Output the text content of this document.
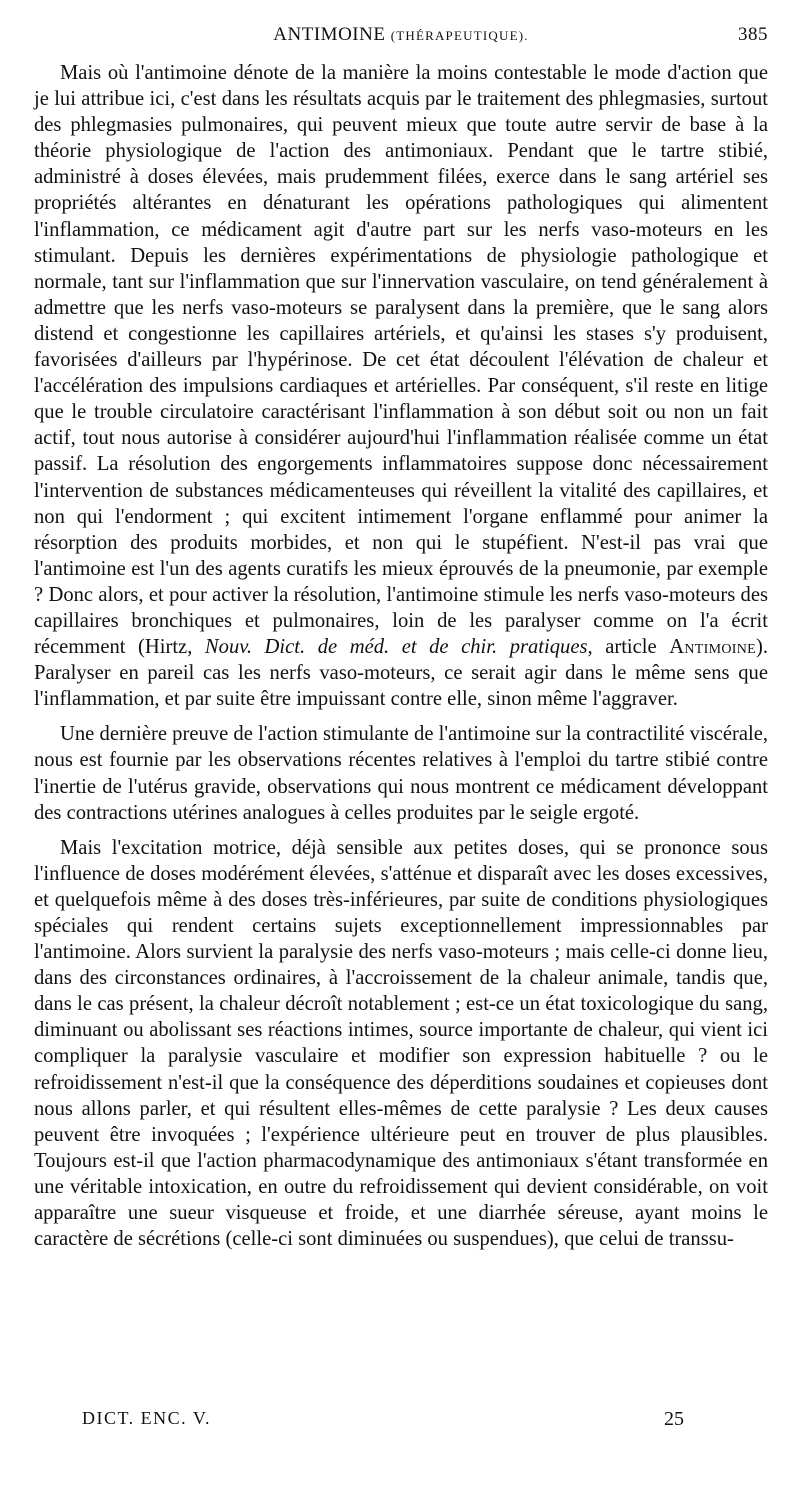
ANTIMOINE (THÉRAPEUTIQUE).	385

Mais où l'antimoine dénote de la manière la moins contestable le mode d'action que je lui attribue ici, c'est dans les résultats acquis par le traitement des phlegmasies, surtout des phlegmasies pulmonaires, qui peuvent mieux que toute autre servir de base à la théorie physiologique de l'action des antimoniaux. Pendant que le tartre stibié, administré à doses élevées, mais prudemment filées, exerce dans le sang artériel ses propriétés altérantes en dénaturant les opérations pathologiques qui alimentent l'inflammation, ce médicament agit d'autre part sur les nerfs vaso-moteurs en les stimulant. Depuis les dernières expérimentations de physiologie pathologique et normale, tant sur l'inflammation que sur l'innervation vasculaire, on tend généralement à admettre que les nerfs vaso-moteurs se paralysent dans la première, que le sang alors distend et congestionne les capillaires artériels, et qu'ainsi les stases s'y produisent, favorisées d'ailleurs par l'hypérinose. De cet état découlent l'élévation de chaleur et l'accélération des impulsions cardiaques et artérielles. Par conséquent, s'il reste en litige que le trouble circulatoire caractérisant l'inflammation à son début soit ou non un fait actif, tout nous autorise à considérer aujourd'hui l'inflammation réalisée comme un état passif. La résolution des engorgements inflammatoires suppose donc nécessairement l'intervention de substances médicamenteuses qui réveillent la vitalité des capillaires, et non qui l'endorment ; qui excitent intimement l'organe enflammé pour animer la résorption des produits morbides, et non qui le stupéfient. N'est-il pas vrai que l'antimoine est l'un des agents curatifs les mieux éprouvés de la pneumonie, par exemple ? Donc alors, et pour activer la résolution, l'antimoine stimule les nerfs vaso-moteurs des capillaires bronchiques et pulmonaires, loin de les paralyser comme on l'a écrit récemment (Hirtz, Nouv. Dict. de méd. et de chir. pratiques, article Antimoine). Paralyser en pareil cas les nerfs vaso-moteurs, ce serait agir dans le même sens que l'inflammation, et par suite être impuissant contre elle, sinon même l'aggraver.

Une dernière preuve de l'action stimulante de l'antimoine sur la contractilité viscérale, nous est fournie par les observations récentes relatives à l'emploi du tartre stibié contre l'inertie de l'utérus gravide, observations qui nous montrent ce médicament développant des contractions utérines analogues à celles produites par le seigle ergoté.

Mais l'excitation motrice, déjà sensible aux petites doses, qui se prononce sous l'influence de doses modérément élevées, s'atténue et disparaît avec les doses excessives, et quelquefois même à des doses très-inférieures, par suite de conditions physiologiques spéciales qui rendent certains sujets exceptionnellement impressionnables par l'antimoine. Alors survient la paralysie des nerfs vaso-moteurs ; mais celle-ci donne lieu, dans des circonstances ordinaires, à l'accroissement de la chaleur animale, tandis que, dans le cas présent, la chaleur décroît notablement ; est-ce un état toxicologique du sang, diminuant ou abolissant ses réactions intimes, source importante de chaleur, qui vient ici compliquer la paralysie vasculaire et modifier son expression habituelle ? ou le refroidissement n'est-il que la conséquence des déperditions soudaines et copieuses dont nous allons parler, et qui résultent elles-mêmes de cette paralysie ? Les deux causes peuvent être invoquées ; l'expérience ultérieure peut en trouver de plus plausibles. Toujours est-il que l'action pharmacodynamique des antimoniaux s'étant transformée en une véritable intoxication, en outre du refroidissement qui devient considérable, on voit apparaître une sueur visqueuse et froide, et une diarrhée séreuse, ayant moins le caractère de sécrétions (celle-ci sont diminuées ou suspendues), que celui de transsu-

DICT. ENC. V.	25
